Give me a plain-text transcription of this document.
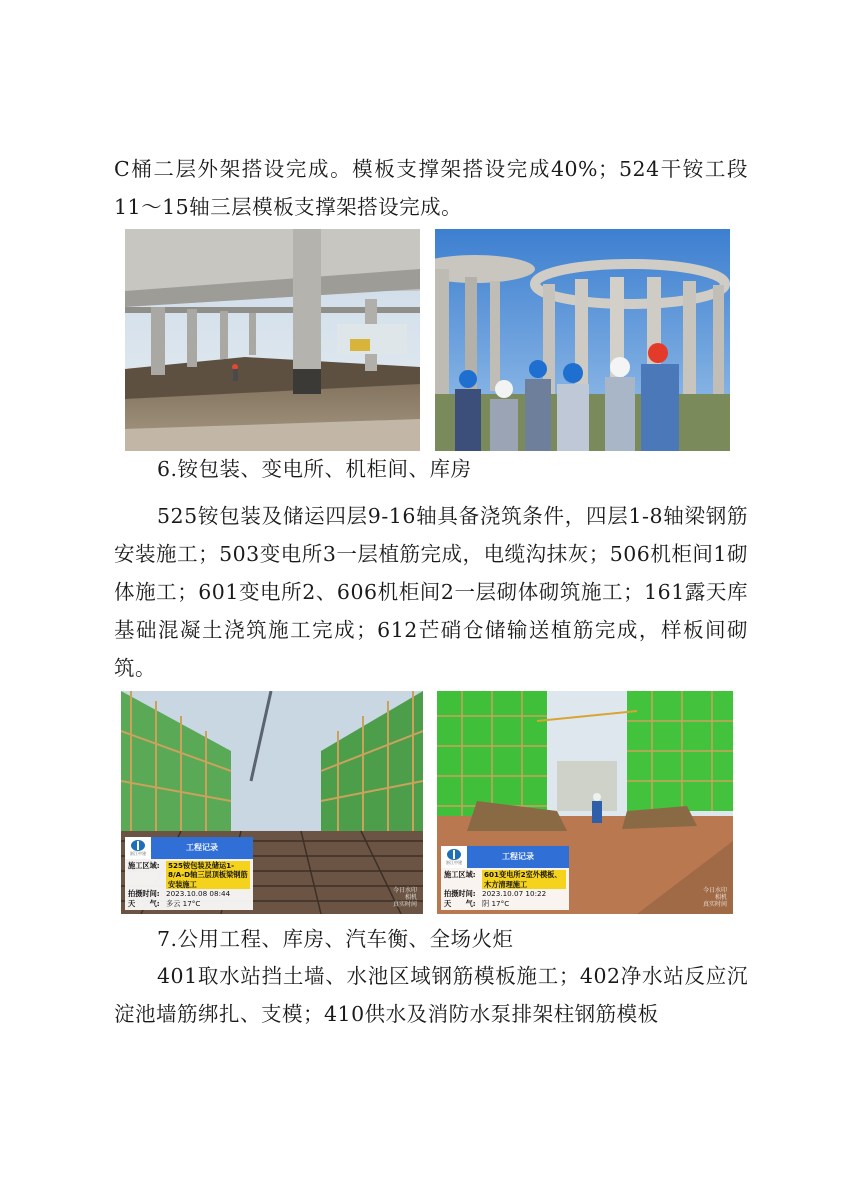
C桶二层外架搭设完成。模板支撑架搭设完成40%；524干铵工段11～15轴三层模板支撑架搭设完成。

6.铵包装、变电所、机柜间、库房

525铵包装及储运四层9-16轴具备浇筑条件，四层1-8轴梁钢筋安装施工；503变电所3一层植筋完成，电缆沟抹灰；506机柜间1砌体施工；601变电所2、606机柜间2一层砌体砌筑施工；161露天库基础混凝土浇筑施工完成；612芒硝仓储输送植筋完成，样板间砌筑。

浙江中建
工程记录
施工区域:	525铵包装及储运1-8/A-D轴三层顶板梁钢筋安装施工
拍摄时间: 2023.10.08 08:44
天　　气: 多云 17°C
今日水印
相机
真实时间
浙江中建
工程记录
施工区域:	601变电所2室外模板、木方清理施工
拍摄时间: 2023.10.07 10:22
天　　气: 阴 17°C
今日水印
相机
真实时间

7.公用工程、库房、汽车衡、全场火炬

401取水站挡土墙、水池区域钢筋模板施工；402净水站反应沉淀池墙筋绑扎、支模；410供水及消防水泵排架柱钢筋模板
